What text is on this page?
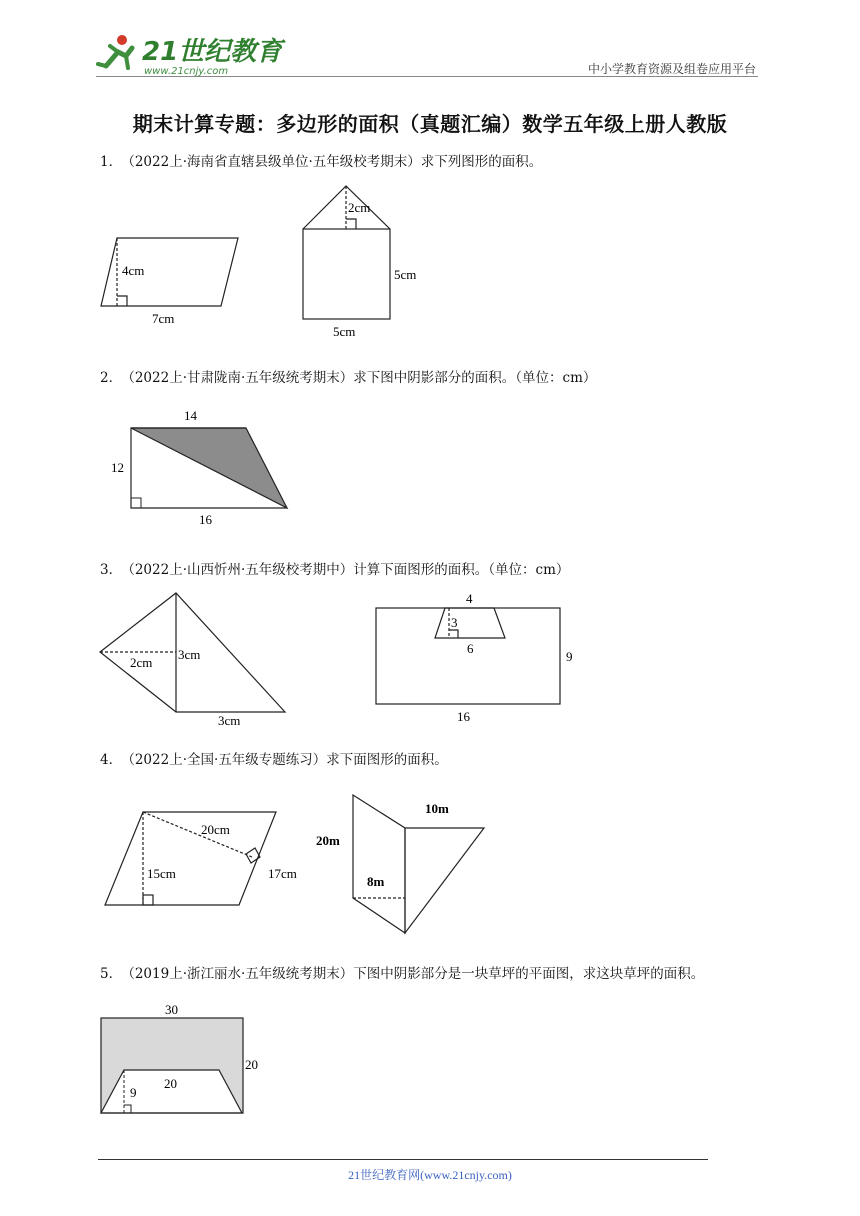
21世纪教育
www.21cnjy.com	中小学教育资源及组卷应用平台
期末计算专题：多边形的面积（真题汇编）数学五年级上册人教版
1． （2022上·海南省直辖县级单位·五年级校考期末）求下列图形的面积。
4cm
7cm
2cm
5cm
5cm
2． （2022上·甘肃陇南·五年级统考期末）求下图中阴影部分的面积。（单位：cm）
14
12
16
3． （2022上·山西忻州·五年级校考期中）计算下面图形的面积。（单位：cm）
2cm
3cm
3cm
4
3
6
9
16
4． （2022上·全国·五年级专题练习）求下面图形的面积。
20cm
15cm	17cm
10m
20m
8m
5． （2019上·浙江丽水·五年级统考期末）下图中阴影部分是一块草坪的平面图，求这块草坪的面积。
30
20
20
9
21世纪教育网(www.21cnjy.com)
